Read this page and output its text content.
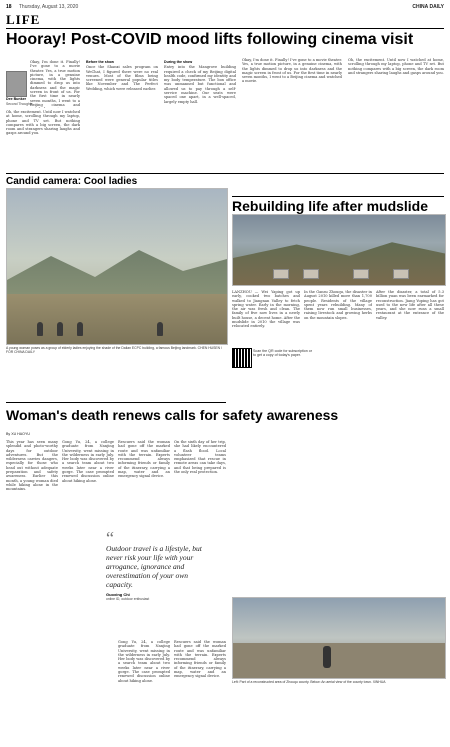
18 Thursday, August 13, 2020	CHINA DAILY
LIFE
Hooray! Post-COVID mood lifts following cinema visit
Okay, I'm done it. Finally! I've gone to a movie theater. Yes, a true motion picture, in a genuine cinema, with the lights dimmed to drop us into darkness and the magic screen in front of us. For the first time in nearly seven months, I went to a Beijing cinema and
Dee Bunker
Second Thoughts
Oh, the excitement. Until now I watched at home, scrolling through my laptop, phone and TV set. But nothing compares with a big screen, the dark room and strangers sharing laughs and gasps around you.
Before the show
Once the Shanxi sales program on WeChat, I figured there were no real venues. Most of the films being screened were general popular titles like November and The Perfect Wedding, which were released earlier.
During the show
Entry into the Mangrove building required a check of my Beijing digital health code, confirmed my identity and my body temperature. The box office was unmanned but functional and allowed us to pay through a self-service machine. Our seats were spaced one apart, in a well-spaced, largely empty hall.
Okay, I'm done it. Finally! I've gone to a movie theater. Yes, a true motion picture, in a genuine cinema, with the lights dimmed to drop us into darkness and the magic screen in front of us. For the first time in nearly seven months, I went to a Beijing cinema and watched a movie.
Oh, the excitement. Until now I watched at home, scrolling through my laptop, phone and TV set. But nothing compares with a big screen, the dark room and strangers sharing laughs and gasps around you.
Candid camera: Cool ladies
A young woman poses as a group of elderly ladies enjoying the shade of the Dalian ECPC building, a famous Beijing landmark. CHEN HUSEN / FOR CHINA DAILY	Scan the QR code for subscription or to get a copy of today's paper.
Rebuilding life after mudslide
LANZHOU — Wei Yaping got up early, cooked two batches and walked to Jiangnan Valley to fetch spring water. Early in the morning, the air was fresh and clean. The family of five now lives in a newly built house, a decent home. After the mudslide in 2010 the village was relocated entirely.
In the Gansu Zhouqu, the disaster in August 2010 killed more than 1,700 people. Residents of the village spent years rebuilding. Many of them now run small businesses, raising livestock and growing herbs on the mountain slopes.
After the disaster, a total of 5.3 billion yuan was been earmarked for reconstruction. Jiang Yuping has got used to the new life after all these years, and she now runs a small restaurant at the entrance of the valley.
Left: Part of a reconstructed area of Zhouqu county. Below: An aerial view of the county town. XINHUA
Woman's death renews calls for safety awareness
By XU HAOYU
This year has seen many splendid and photo-worthy days for outdoor adventures. But the wilderness carries dangers, especially for those who head out without adequate preparation and safety awareness. Earlier this month, a young woman died while hiking alone in the mountains.
Gong Yu, 24, a college graduate from Nanjing University, went missing in the wilderness in early July. Her body was discovered by a search team about two weeks later near a river gorge. The case prompted renewed discussion online about hiking alone.
Rescuers said the woman had gone off the marked route and was unfamiliar with the terrain. Experts recommend always informing friends or family of the itinerary, carrying a map, water and an emergency signal device.
On the sixth day of her trip, she had likely encountered a flash flood. Local volunteer teams emphasized that rescue in remote areas can take days, and that being prepared is the only real protection.
“
Outdoor travel is a lifestyle, but never risk your life with your arrogance, ignorance and overestimation of your own capacity.
Guoxing Chi
online ID, outdoor enthusiast
Gong Yu, 24, a college graduate from Nanjing University, went missing in the wilderness in early July. Her body was discovered by a search team about two weeks later near a river gorge. The case prompted renewed discussion online about hiking alone.
Rescuers said the woman had gone off the marked route and was unfamiliar with the terrain. Experts recommend always informing friends or family of the itinerary, carrying a map, water and an emergency signal device.
